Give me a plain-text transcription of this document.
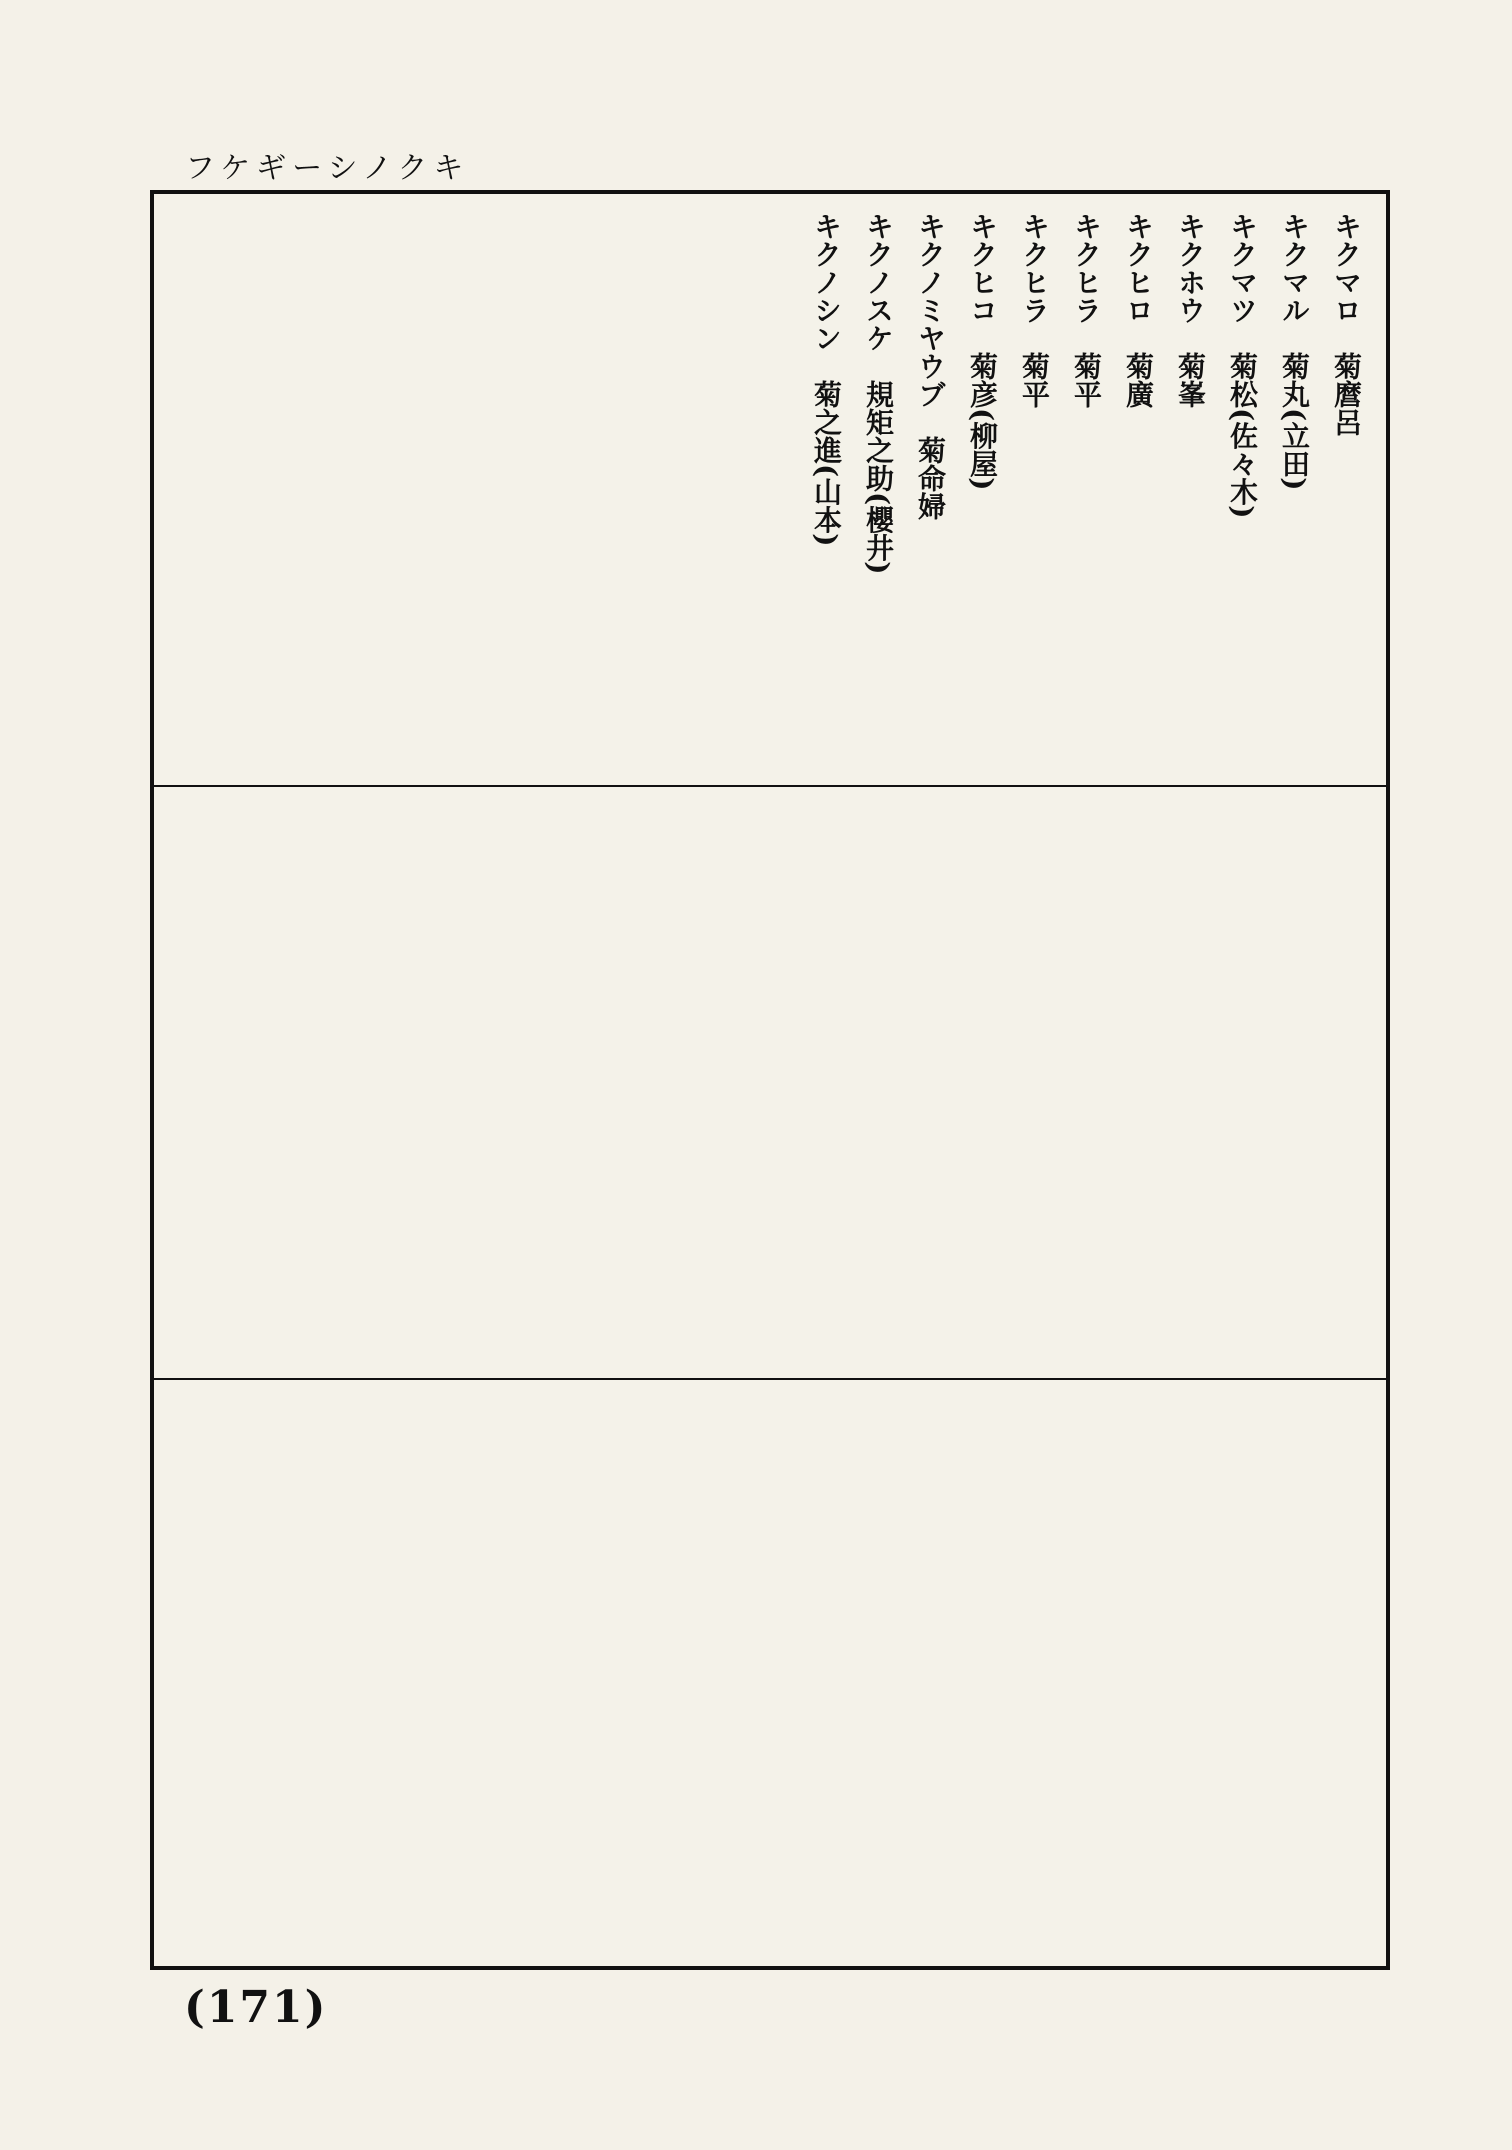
フケギーシノクキ
キクマロ　菊麿呂
キクマル　菊丸(立田)
キクマツ　菊松(佐々木)
キクホウ　菊峯
キクヒロ　菊廣
キクヒラ　菊平
キクヒラ　菊平
キクヒコ　菊彦(柳屋)
キクノミヤウブ　菊命婦
キクノスケ　規矩之助(櫻井)
キクノシン　菊之進(山本)
(171)
